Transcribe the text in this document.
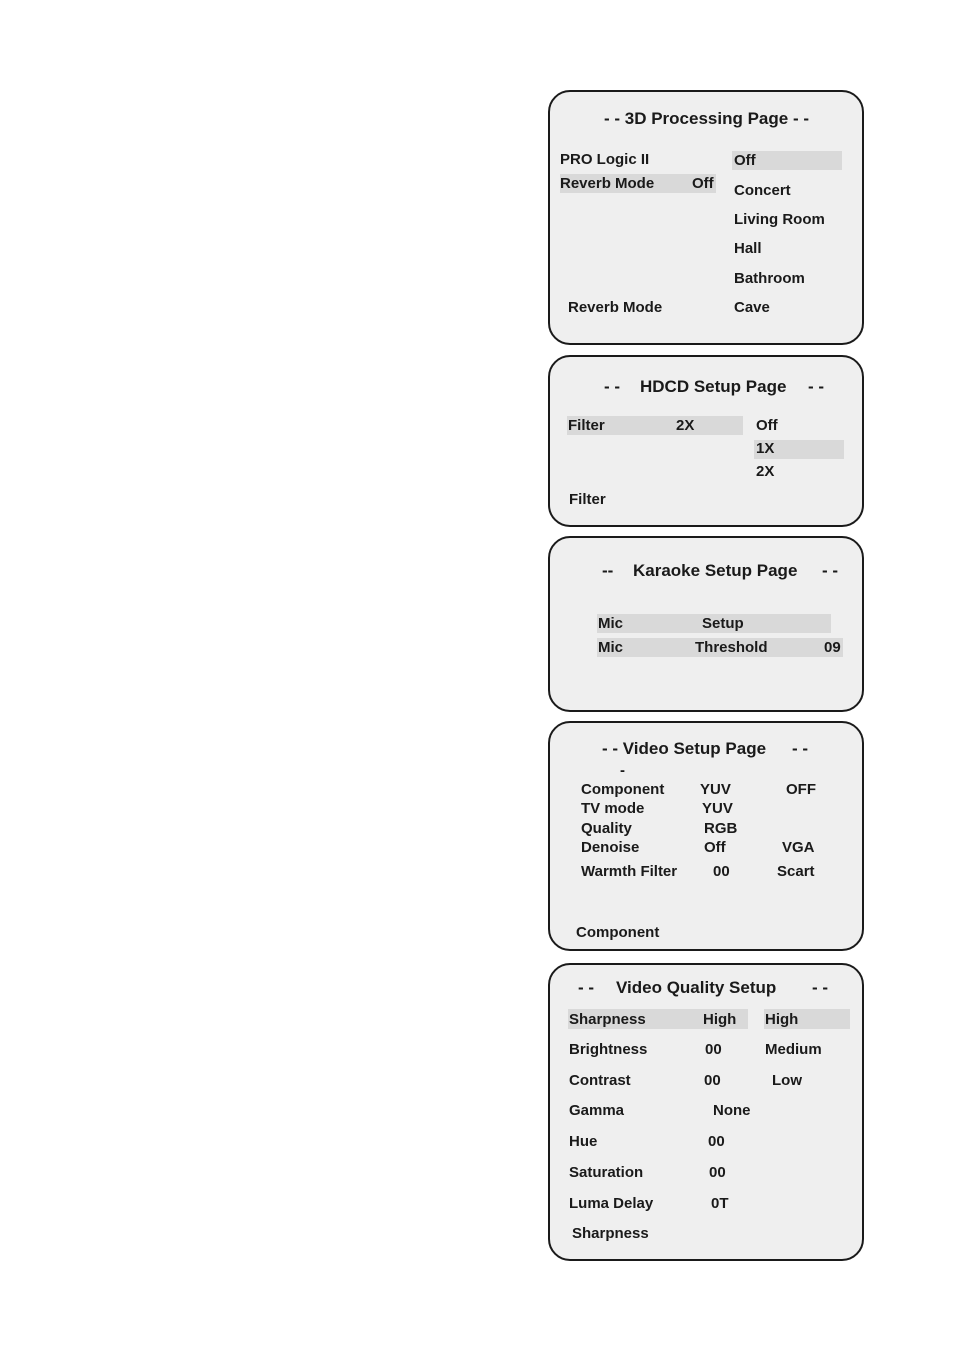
- - 3D Processing Page - -
PRO Logic II
Reverb Mode	Off
Off
Concert
Living Room
Hall
Bathroom
Cave
Reverb Mode
- - HDCD Setup Page - -
Filter	2X	Off
1X
2X
Filter
-- Karaoke Setup Page - -
Mic	Setup
Mic	Threshold	09
- - Video Setup Page - -
-
Component YUV	OFF
TV mode	YUV
Quality	RGB
Denoise	Off	VGA
Warmth Filter 00	Scart
Component
- - Video Quality Setup - -
Sharpness	High High
Brightness	00	Medium
Contrast	00	Low
Gamma	None
Hue	00
Saturation	00
Luma Delay	0T
Sharpness
